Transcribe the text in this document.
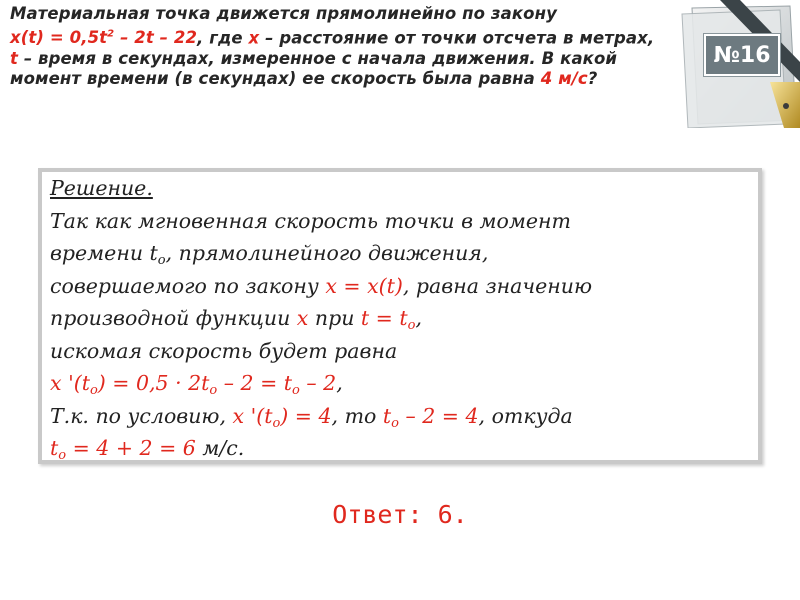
Материальная точка движется прямолинейно по закону
$x(t) = 0,5t^2 - 2t - 22$, где x – расстояние от точки отсчета в метрах,
t – время в секундах, измеренное с начала движения. В какой
момент времени (в секундах) ее скорость была равна 4 м/с?
№16
Решение.
Так как мгновенная скорость точки в момент
времени $t_o$, прямолинейного движения,
совершаемого по закону x = x(t), равна значению
производной функции x при $t = t_o$,
искомая скорость будет равна
x '$(t_o) = 0,5 \cdot 2t_o - 2 = t_o - 2$,
Т.к. по условию, x '$(t_o) = 4$, то $t_o - 2 = 4$, откуда
$t_o = 4 + 2 = 6$ м/с.
Ответ: 6.
